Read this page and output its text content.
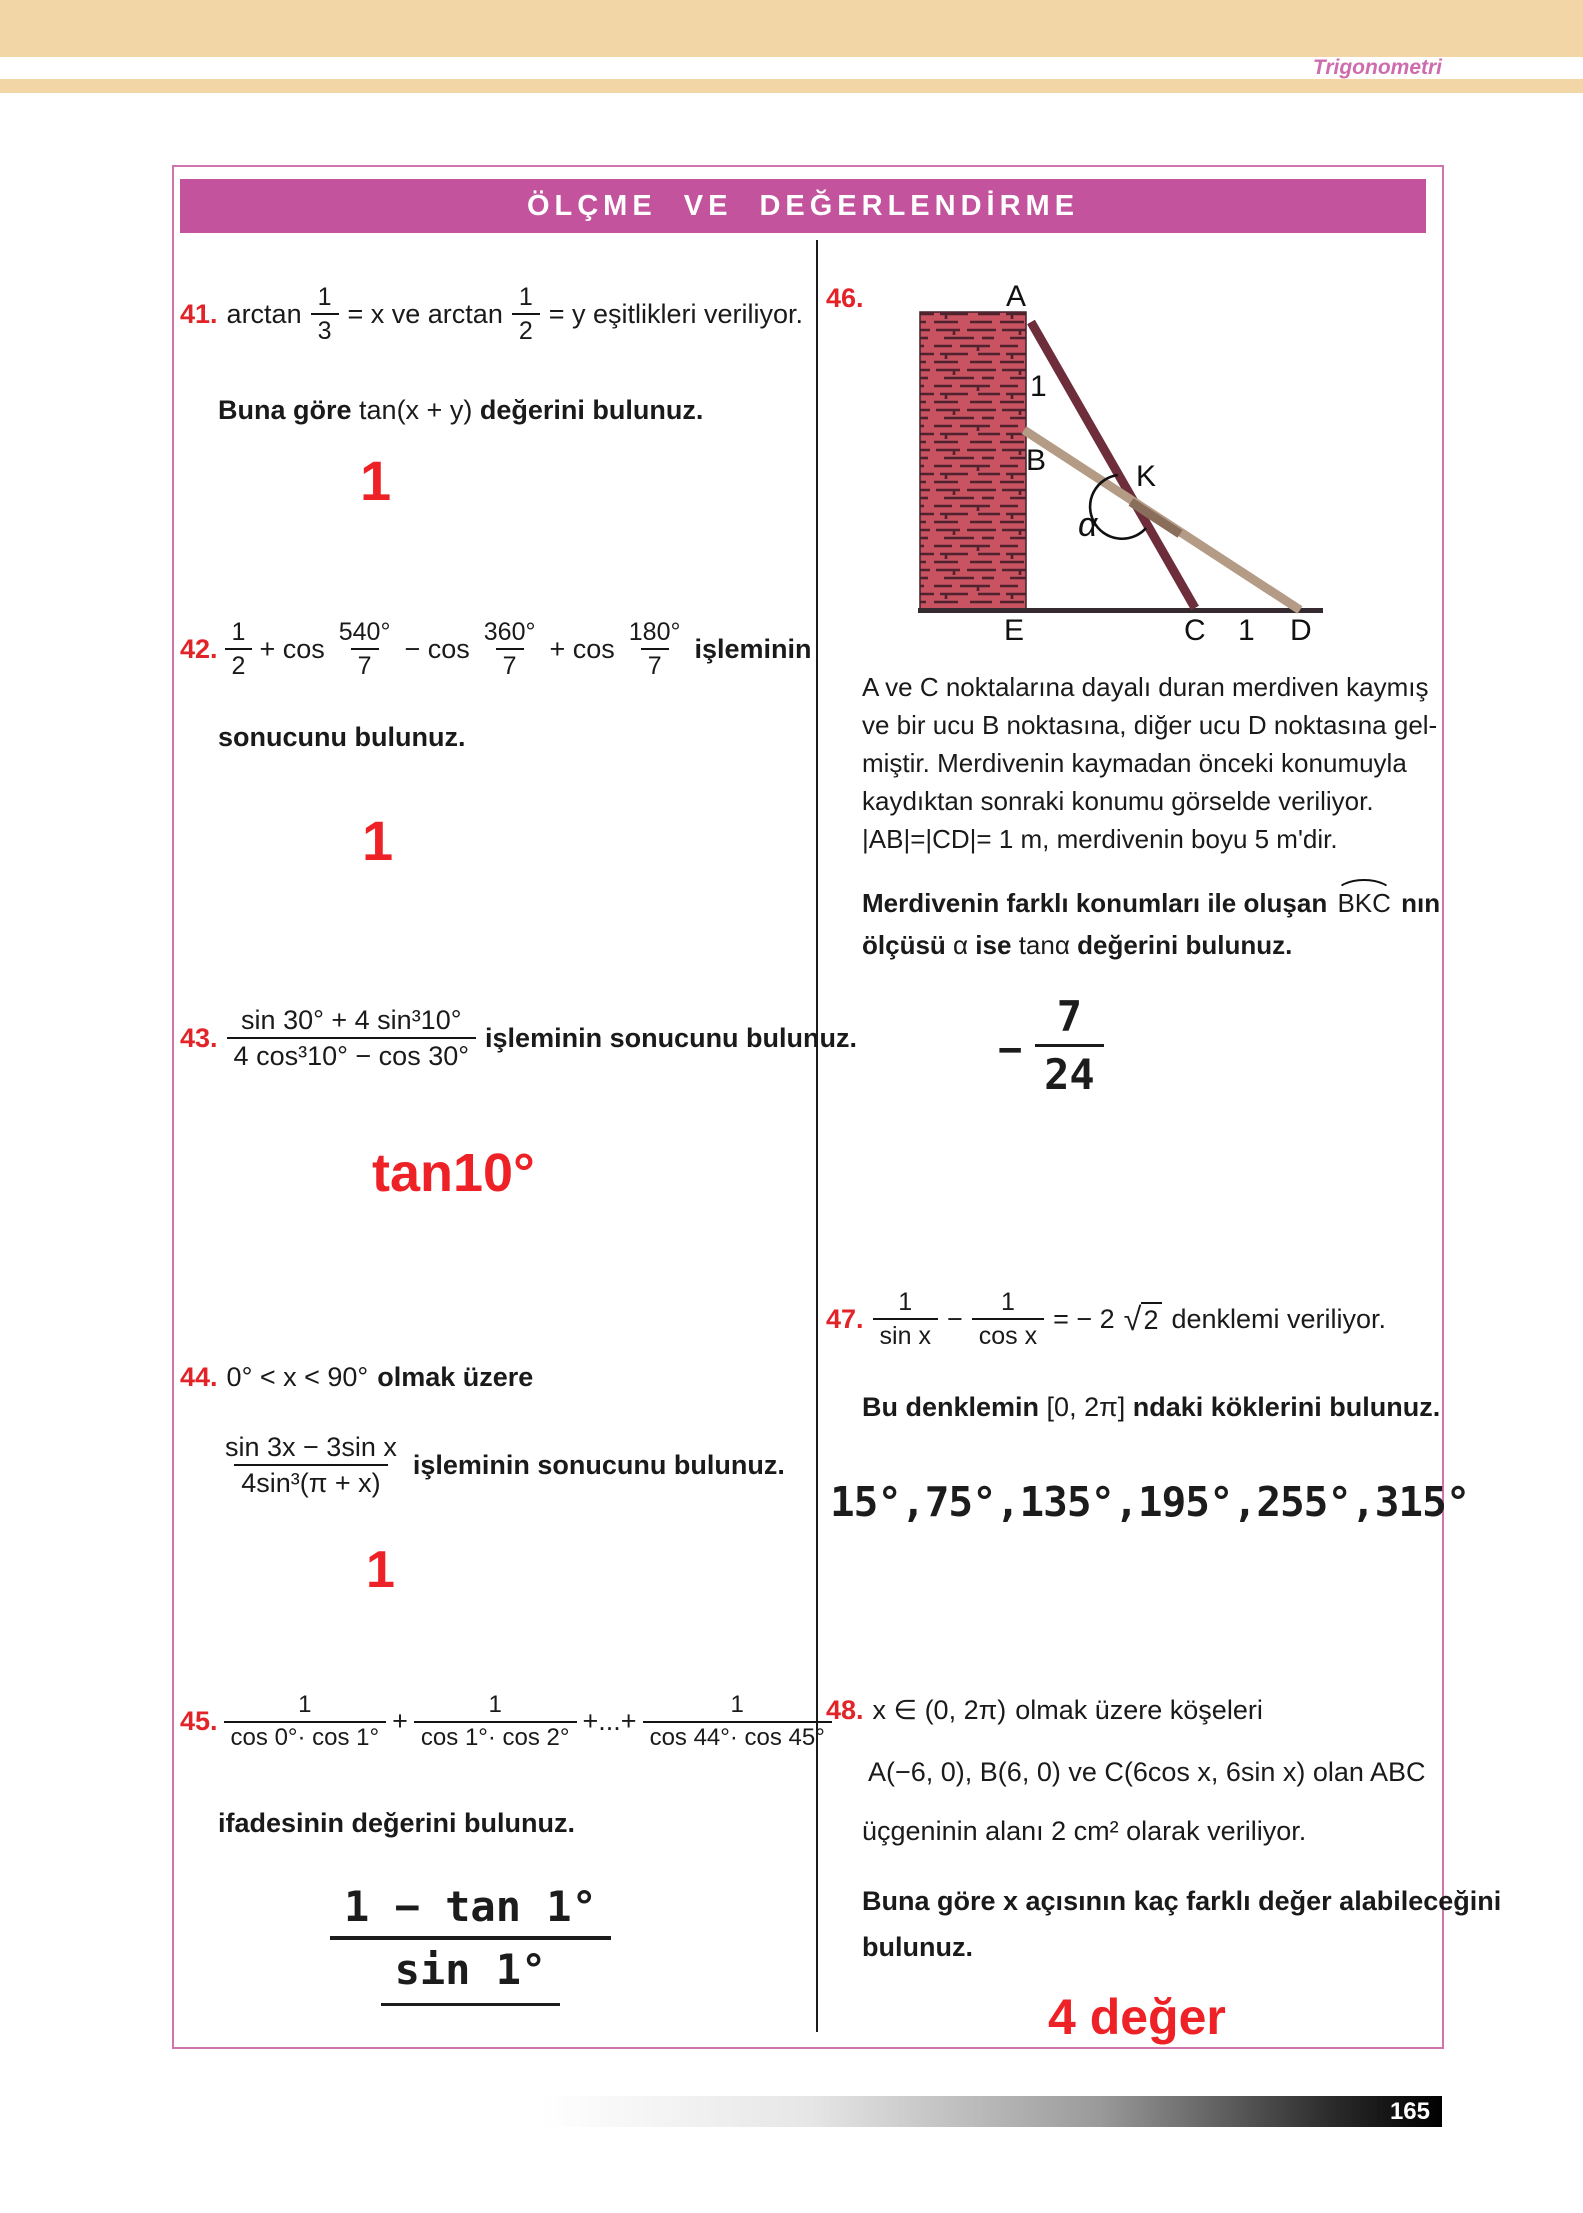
Trigonometri
ÖLÇME VE DEĞERLENDİRME
41. $\arctan \frac{1}{3} = x$ ve $\arctan \frac{1}{2} = y$ eşitlikleri veriliyor.
Buna göre tan(x + y) değerini bulunuz.
1
42. $\frac{1}{2} + \cos \frac{540^\circ}{7} - \cos \frac{360^\circ}{7} + \cos \frac{180^\circ}{7}$ işleminin
sonucunu bulunuz.
1
43. $\frac{\text{sin 30° + 4 sin³10°}}{\text{4 cos³10° − cos 30°}}$ işleminin sonucunu bulunuz.
tan10°
44. 0° < x < 90° olmak üzere
$\frac{\text{sin 3x − 3sin x}}{\text{4sin³(π + x)}}$ işleminin sonucunu bulunuz.
1
45. $\frac{1}{\cos 0^\circ\cdot \cos 1^\circ} + \frac{1}{\cos 1^\circ\cdot \cos 2^\circ}$ +...+ $\frac{1}{\cos 44^\circ\cdot \cos 45^\circ}$
ifadesinin değerini bulunuz.
$\frac{1 - \tan 1^\circ}{\sin 1^\circ}$
46.	A
1
B	K
α
E	C 1 D
A ve C noktalarına dayalı duran merdiven kaymış
ve bir ucu B noktasına, diğer ucu D noktasına gel-
miştir. Merdivenin kaymadan önceki konumuyla
kaydıktan sonraki konumu görselde veriliyor.
|AB|=|CD|= 1 m, merdivenin boyu 5 m'dir.
Merdivenin farklı konumları ile oluşan BKC nın
ölçüsü α ise tanα değerini bulunuz.
− $\frac{7}{24}$
47. $\frac{1}{\text{sin x}} - \frac{1}{\text{cos x}}$ = − 2 √ 2 denklemi veriliyor.
Bu denklemin [0, 2π] ndaki köklerini bulunuz.
15°,75°,135°,195°,255°,315°
48. x ∈ (0, 2π) olmak üzere köşeleri
A(−6, 0), B(6, 0) ve C(6cos x, 6sin x) olan ABC
üçgeninin alanı 2 cm² olarak veriliyor.
Buna göre x açısının kaç farklı değer alabileceğini
bulunuz.
4 değer
165
